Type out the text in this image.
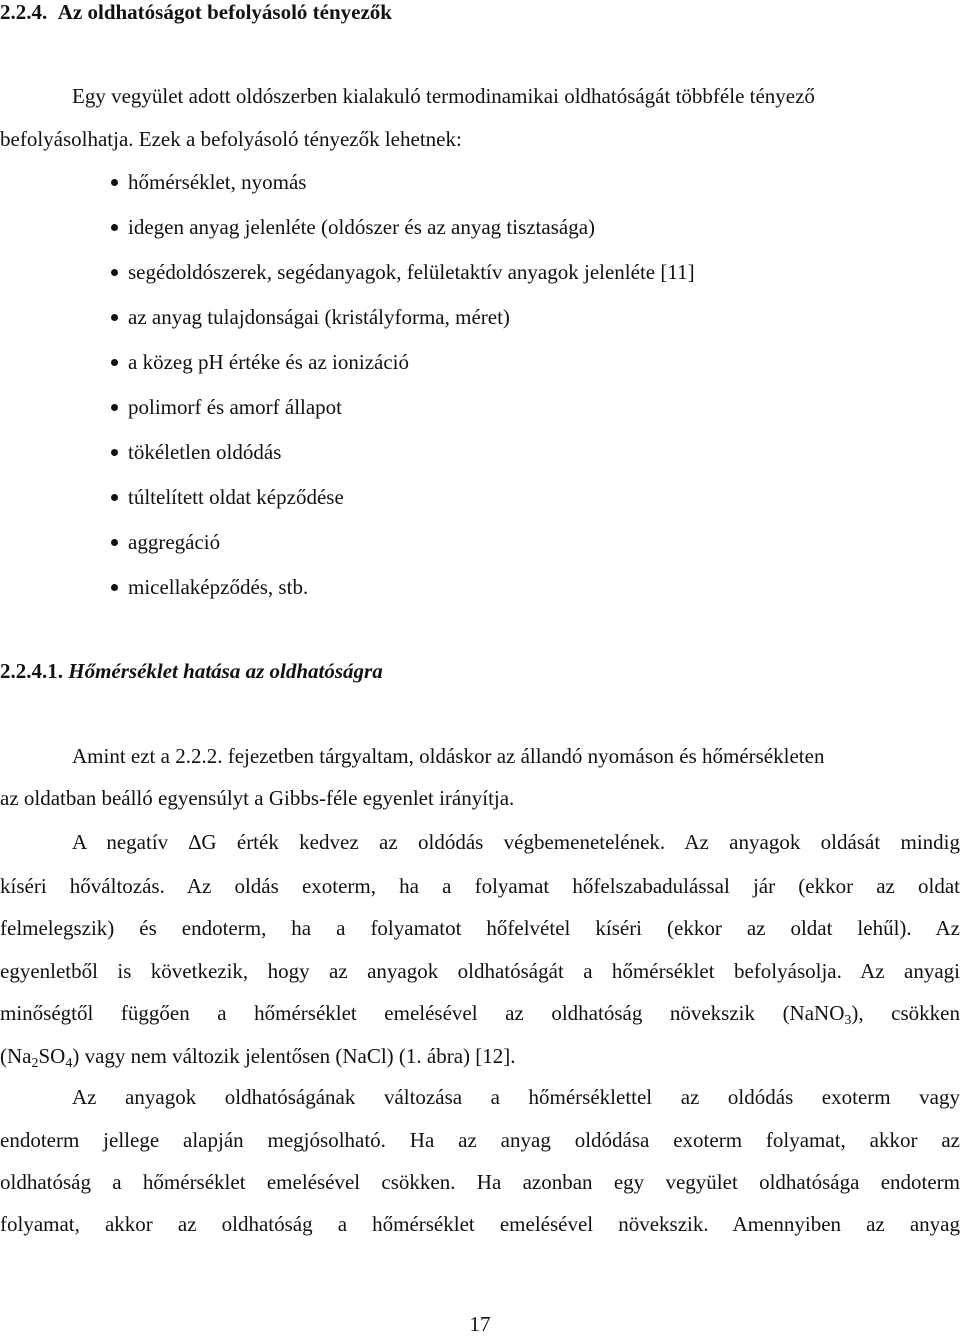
2.2.4. Az oldhatóságot befolyásoló tényezők
Egy vegyület adott oldószerben kialakuló termodinamikai oldhatóságát többféle tényező
befolyásolhatja. Ezek a befolyásoló tényezők lehetnek:
hőmérséklet, nyomás
idegen anyag jelenléte (oldószer és az anyag tisztasága)
segédoldószerek, segédanyagok, felületaktív anyagok jelenléte [11]
az anyag tulajdonságai (kristályforma, méret)
a közeg pH értéke és az ionizáció
polimorf és amorf állapot
tökéletlen oldódás
túltelített oldat képződése
aggregáció
micellaképződés, stb.
2.2.4.1. Hőmérséklet hatása az oldhatóságra
Amint ezt a 2.2.2. fejezetben tárgyaltam, oldáskor az állandó nyomáson és hőmérsékleten
az oldatban beálló egyensúlyt a Gibbs-féle egyenlet irányítja.
A negatív ∆G érték kedvez az oldódás végbemenetelének. Az anyagok oldását mindig
kíséri hőváltozás. Az oldás exoterm, ha a folyamat hőfelszabadulással jár (ekkor az oldat
felmelegszik) és endoterm, ha a folyamatot hőfelvétel kíséri (ekkor az oldat lehűl). Az
egyenletből is következik, hogy az anyagok oldhatóságát a hőmérséklet befolyásolja. Az anyagi
minőségtől függően a hőmérséklet emelésével az oldhatóság növekszik (NaNO$_3$), csökken
$(Na_2SO_4)$ vagy nem változik jelentősen (NaCl) (1. ábra) [12].
Az anyagok oldhatóságának változása a hőmérséklettel az oldódás exoterm vagy
endoterm jellege alapján megjósolható. Ha az anyag oldódása exoterm folyamat, akkor az
oldhatóság a hőmérséklet emelésével csökken. Ha azonban egy vegyület oldhatósága endoterm
folyamat, akkor az oldhatóság a hőmérséklet emelésével növekszik. Amennyiben az anyag
17
